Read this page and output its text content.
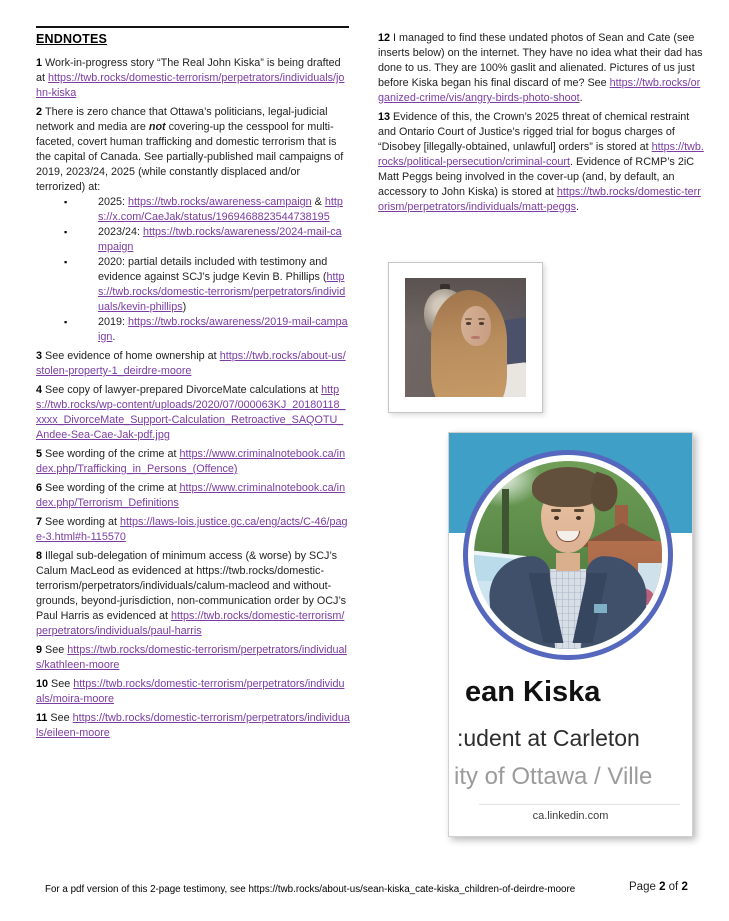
ENDNOTES
1 Work-in-progress story “The Real John Kiska” is being drafted at https://twb.rocks/domestic-terrorism/perpetrators/individuals/john-kiska
2 There is zero chance that Ottawa’s politicians, legal-judicial network and media are not covering-up the cesspool for multi-faceted, covert human trafficking and domestic terrorism that is the capital of Canada. See partially-published mail campaigns of 2019, 2023/24, 2025 (while constantly displaced and/or terrorized) at:
▪ 2025: https://twb.rocks/awareness-campaign & https://x.com/CaeJak/status/1969468823544738195
▪ 2023/24: https://twb.rocks/awareness/2024-mail-campaign
▪ 2020: partial details included with testimony and evidence against SCJ’s judge Kevin B. Phillips (https://twb.rocks/domestic-terrorism/perpetrators/individuals/kevin-phillips)
▪ 2019: https://twb.rocks/awareness/2019-mail-campaign.
3 See evidence of home ownership at https://twb.rocks/about-us/stolen-property-1_deirdre-moore
4 See copy of lawyer-prepared DivorceMate calculations at https://twb.rocks/wp-content/uploads/2020/07/000063KJ_20180118_xxxx_DivorceMate_Support-Calculation_Retroactive_SAQOTU_Andee-Sea-Cae-Jak-pdf.jpg
5 See wording of the crime at https://www.criminalnotebook.ca/index.php/Trafficking_in_Persons_(Offence)
6 See wording of the crime at https://www.criminalnotebook.ca/index.php/Terrorism_Definitions
7 See wording at https://laws-lois.justice.gc.ca/eng/acts/C-46/page-3.html#h-115570
8 Illegal sub-delegation of minimum access (& worse) by SCJ’s Calum MacLeod as evidenced at https://twb.rocks/domestic-terrorism/perpetrators/individuals/calum-macleod and without-grounds, beyond-jurisdiction, non-communication order by OCJ’s Paul Harris as evidenced at https://twb.rocks/domestic-terrorism/perpetrators/individuals/paul-harris
9 See https://twb.rocks/domestic-terrorism/perpetrators/individuals/kathleen-moore
10 See https://twb.rocks/domestic-terrorism/perpetrators/individuals/moira-moore
11 See https://twb.rocks/domestic-terrorism/perpetrators/individuals/eileen-moore
12 I managed to find these undated photos of Sean and Cate (see inserts below) on the internet. They have no idea what their dad has done to us. They are 100% gaslit and alienated. Pictures of us just before Kiska began his final discard of me? See https://twb.rocks/organized-crime/vis/angry-birds-photo-shoot.
13 Evidence of this, the Crown’s 2025 threat of chemical restraint and Ontario Court of Justice’s rigged trial for bogus charges of “Disobey [illegally-obtained, unlawful] orders” is stored at https://twb.rocks/political-persecution/criminal-court. Evidence of RCMP’s 2iC Matt Peggs being involved in the cover-up (and, by default, an accessory to John Kiska) is stored at https://twb.rocks/domestic-terrorism/perpetrators/individuals/matt-peggs.
ean Kiska
:udent at Carleton
ity of Ottawa / Ville
ca.linkedin.com
For a pdf version of this 2-page testimony, see https://twb.rocks/about-us/sean-kiska_cate-kiska_children-of-deirdre-moore	Page 2 of 2
